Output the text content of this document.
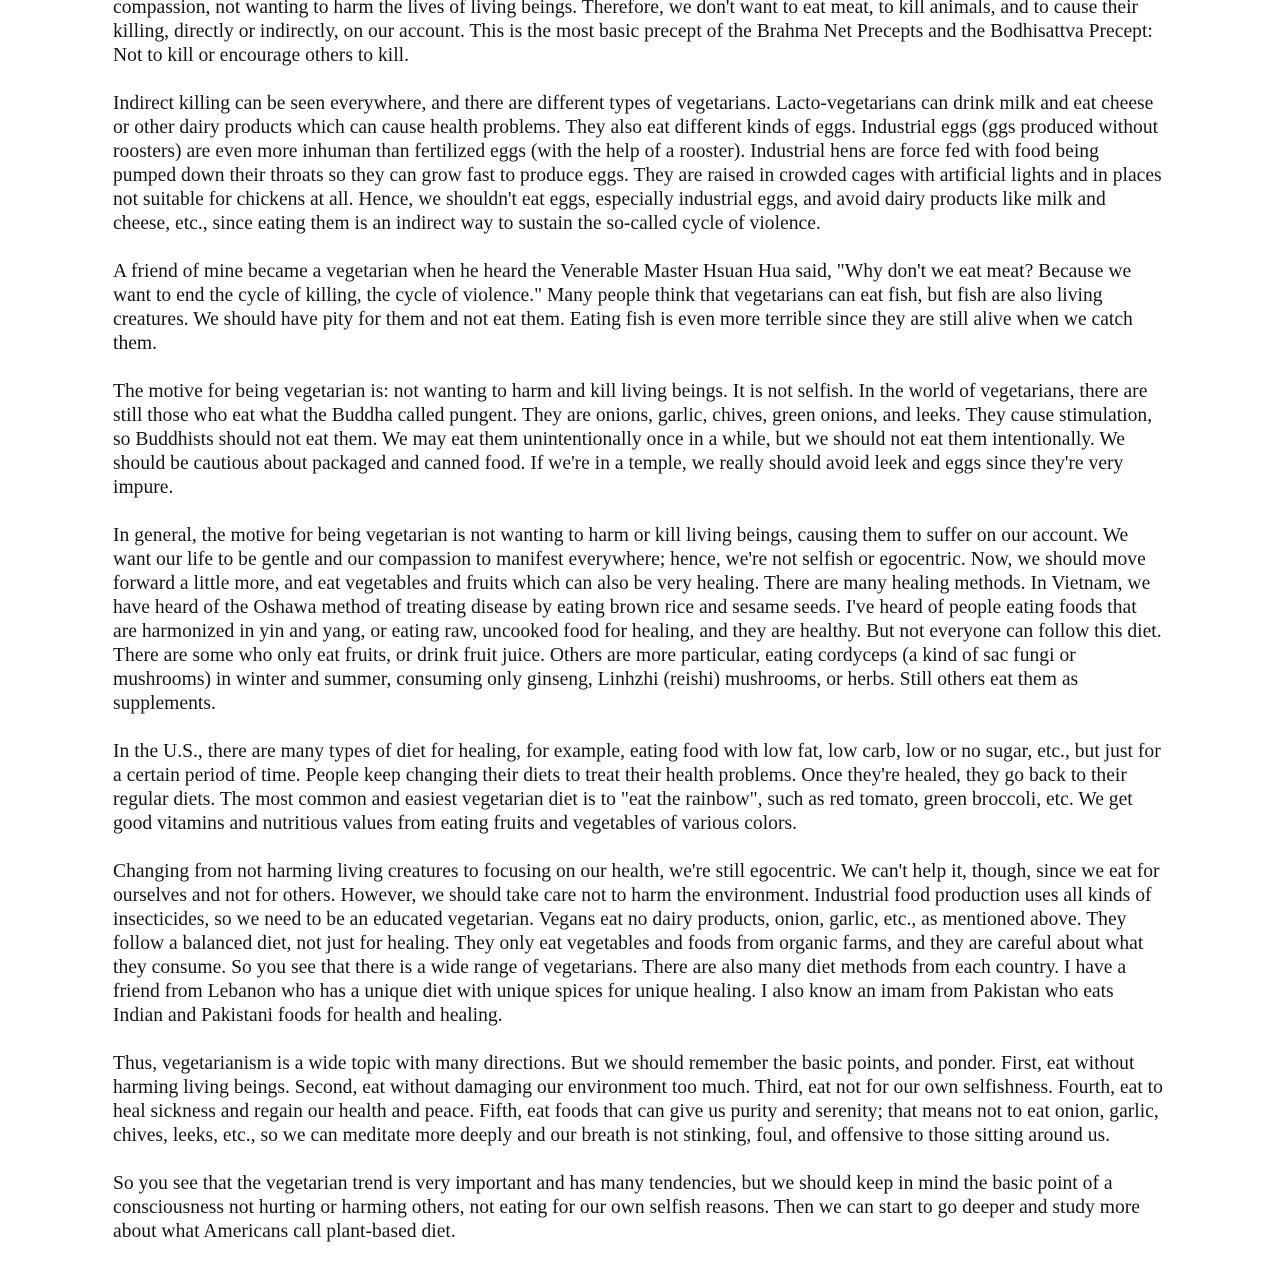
compassion, not wanting to harm the lives of living beings. Therefore, we don't want to eat meat, to kill animals, and to cause their killing, directly or indirectly, on our account. This is the most basic precept of the Brahma Net Precepts and the Bodhisattva Precept: Not to kill or encourage others to kill.

Indirect killing can be seen everywhere, and there are different types of vegetarians. Lacto-vegetarians can drink milk and eat cheese or other dairy products which can cause health problems. They also eat different kinds of eggs. Industrial eggs (ggs produced without roosters) are even more inhuman than fertilized eggs (with the help of a rooster). Industrial hens are force fed with food being pumped down their throats so they can grow fast to produce eggs. They are raised in crowded cages with artificial lights and in places not suitable for chickens at all. Hence, we shouldn't eat eggs, especially industrial eggs, and avoid dairy products like milk and cheese, etc., since eating them is an indirect way to sustain the so-called cycle of violence.

A friend of mine became a vegetarian when he heard the Venerable Master Hsuan Hua said, "Why don't we eat meat? Because we want to end the cycle of killing, the cycle of violence." Many people think that vegetarians can eat fish, but fish are also living creatures. We should have pity for them and not eat them. Eating fish is even more terrible since they are still alive when we catch them.

The motive for being vegetarian is: not wanting to harm and kill living beings. It is not selfish. In the world of vegetarians, there are still those who eat what the Buddha called pungent. They are onions, garlic, chives, green onions, and leeks. They cause stimulation, so Buddhists should not eat them. We may eat them unintentionally once in a while, but we should not eat them intentionally. We should be cautious about packaged and canned food. If we're in a temple, we really should avoid leek and eggs since they're very impure.

In general, the motive for being vegetarian is not wanting to harm or kill living beings, causing them to suffer on our account. We want our life to be gentle and our compassion to manifest everywhere; hence, we're not selfish or egocentric. Now, we should move forward a little more, and eat vegetables and fruits which can also be very healing. There are many healing methods. In Vietnam, we have heard of the Oshawa method of treating disease by eating brown rice and sesame seeds. I've heard of people eating foods that are harmonized in yin and yang, or eating raw, uncooked food for healing, and they are healthy. But not everyone can follow this diet. There are some who only eat fruits, or drink fruit juice. Others are more particular, eating cordyceps (a kind of sac fungi or mushrooms) in winter and summer, consuming only ginseng, Linhzhi (reishi) mushrooms, or herbs. Still others eat them as supplements.

In the U.S., there are many types of diet for healing, for example, eating food with low fat, low carb, low or no sugar, etc., but just for a certain period of time. People keep changing their diets to treat their health problems. Once they're healed, they go back to their regular diets. The most common and easiest vegetarian diet is to "eat the rainbow", such as red tomato, green broccoli, etc. We get good vitamins and nutritious values from eating fruits and vegetables of various colors.

Changing from not harming living creatures to focusing on our health, we're still egocentric. We can't help it, though, since we eat for ourselves and not for others. However, we should take care not to harm the environment. Industrial food production uses all kinds of insecticides, so we need to be an educated vegetarian. Vegans eat no dairy products, onion, garlic, etc., as mentioned above. They follow a balanced diet, not just for healing. They only eat vegetables and foods from organic farms, and they are careful about what they consume. So you see that there is a wide range of vegetarians. There are also many diet methods from each country. I have a friend from Lebanon who has a unique diet with unique spices for unique healing. I also know an imam from Pakistan who eats Indian and Pakistani foods for health and healing.

Thus, vegetarianism is a wide topic with many directions. But we should remember the basic points, and ponder. First, eat without harming living beings. Second, eat without damaging our environment too much. Third, eat not for our own selfishness. Fourth, eat to heal sickness and regain our health and peace. Fifth, eat foods that can give us purity and serenity; that means not to eat onion, garlic, chives, leeks, etc., so we can meditate more deeply and our breath is not stinking, foul, and offensive to those sitting around us.

So you see that the vegetarian trend is very important and has many tendencies, but we should keep in mind the basic point of a consciousness not hurting or harming others, not eating for our own selfish reasons. Then we can start to go deeper and study more about what Americans call plant-based diet.
